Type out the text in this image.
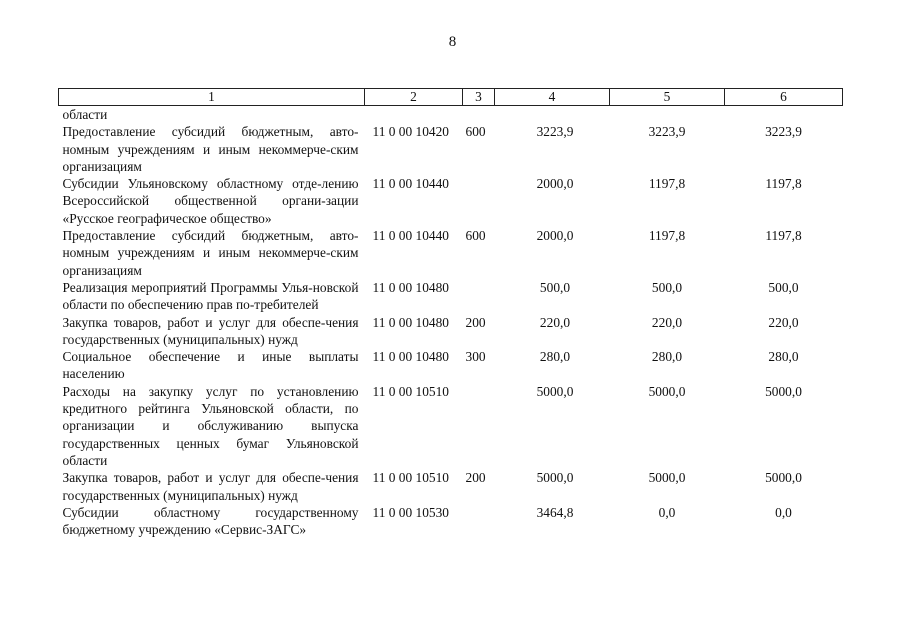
8
1	2	3	4	5	6
области					
Предоставление субсидий бюджетным, авто-номным учреждениям и иным некоммерче-ским организациям	11 0 00 10420	600	3223,9	3223,9	3223,9
Субсидии Ульяновскому областному отде-лению Всероссийской общественной органи-зации «Русское географическое общество»	11 0 00 10440		2000,0	1197,8	1197,8
Предоставление субсидий бюджетным, авто-номным учреждениям и иным некоммерче-ским организациям	11 0 00 10440	600	2000,0	1197,8	1197,8
Реализация мероприятий Программы Улья-новской области по обеспечению прав по-требителей	11 0 00 10480		500,0	500,0	500,0
Закупка товаров, работ и услуг для обеспе-чения государственных (муниципальных) нужд	11 0 00 10480	200	220,0	220,0	220,0
Социальное обеспечение и иные выплаты населению	11 0 00 10480	300	280,0	280,0	280,0
Расходы на закупку услуг по установлению кредитного рейтинга Ульяновской области, по организации и обслуживанию выпуска государственных ценных бумаг Ульяновской области	11 0 00 10510		5000,0	5000,0	5000,0
Закупка товаров, работ и услуг для обеспе-чения государственных (муниципальных) нужд	11 0 00 10510	200	5000,0	5000,0	5000,0
Субсидии областному государственному бюджетному учреждению «Сервис-ЗАГС»	11 0 00 10530		3464,8	0,0	0,0
